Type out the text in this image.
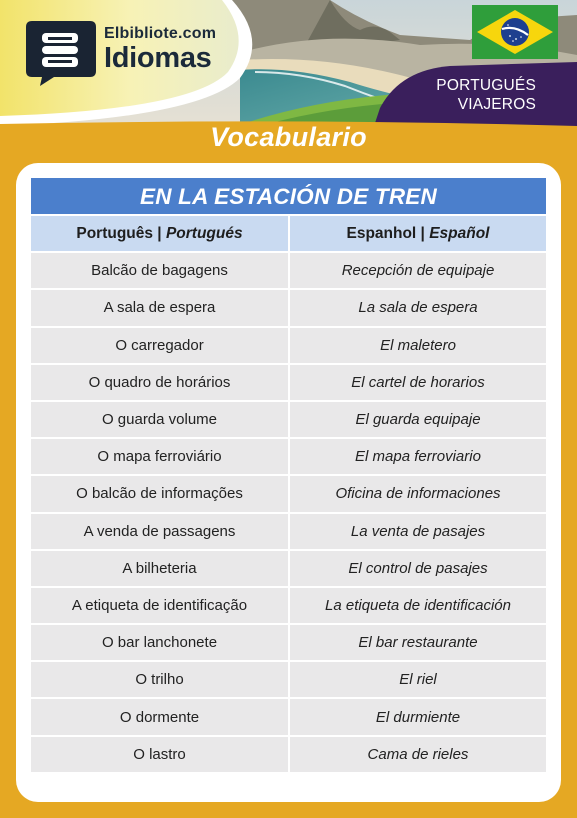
Elbibliote.com
Idiomas
PORTUGUÉS
VIAJEROS
Vocabulario
EN LA ESTACIÓN DE TREN
Português | Portugués	Espanhol | Español
Balcão de bagagens	Recepción de equipaje
A sala de espera	La sala de espera
O carregador	El maletero
O quadro de horários	El cartel de horarios
O guarda volume	El guarda equipaje
O mapa ferroviário	El mapa ferroviario
O balcão de informações	Oficina de informaciones
A venda de passagens	La venta de pasajes
A bilheteria	El control de pasajes
A etiqueta de identificação	La etiqueta de identificación
O bar lanchonete	El bar restaurante
O trilho	El riel
O dormente	El durmiente
O lastro	Cama de rieles
